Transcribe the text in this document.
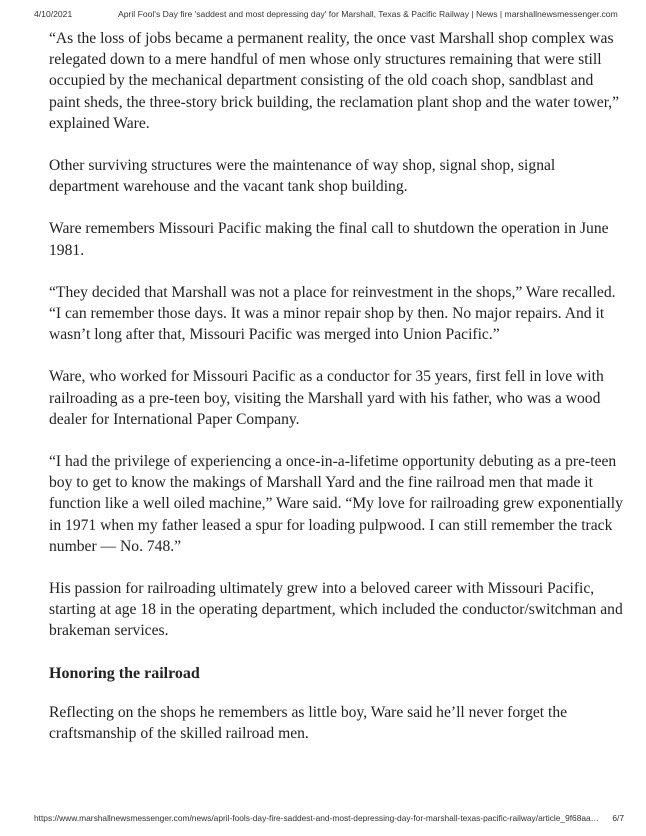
4/10/2021	April Fool's Day fire 'saddest and most depressing day' for Marshall, Texas & Pacific Railway | News | marshallnewsmessenger.com

“As the loss of jobs became a permanent reality, the once vast Marshall shop complex was relegated down to a mere handful of men whose only structures remaining that were still occupied by the mechanical department consisting of the old coach shop, sandblast and paint sheds, the three-story brick building, the reclamation plant shop and the water tower,” explained Ware.

Other surviving structures were the maintenance of way shop, signal shop, signal department warehouse and the vacant tank shop building.

Ware remembers Missouri Pacific making the final call to shutdown the operation in June 1981.

“They decided that Marshall was not a place for reinvestment in the shops,” Ware recalled. “I can remember those days. It was a minor repair shop by then. No major repairs. And it wasn’t long after that, Missouri Pacific was merged into Union Pacific.”

Ware, who worked for Missouri Pacific as a conductor for 35 years, first fell in love with railroading as a pre-teen boy, visiting the Marshall yard with his father, who was a wood dealer for International Paper Company.

“I had the privilege of experiencing a once-in-a-lifetime opportunity debuting as a pre-teen boy to get to know the makings of Marshall Yard and the fine railroad men that made it function like a well oiled machine,” Ware said. “My love for railroading grew exponentially in 1971 when my father leased a spur for loading pulpwood. I can still remember the track number — No. 748.”

His passion for railroading ultimately grew into a beloved career with Missouri Pacific, starting at age 18 in the operating department, which included the conductor/switchman and brakeman services.

Honoring the railroad

Reflecting on the shops he remembers as little boy, Ware said he’ll never forget the craftsmanship of the skilled railroad men.

https://www.marshallnewsmessenger.com/news/april-fools-day-fire-saddest-and-most-depressing-day-for-marshall-texas-pacific-railway/article_9f68aa… 6/7
